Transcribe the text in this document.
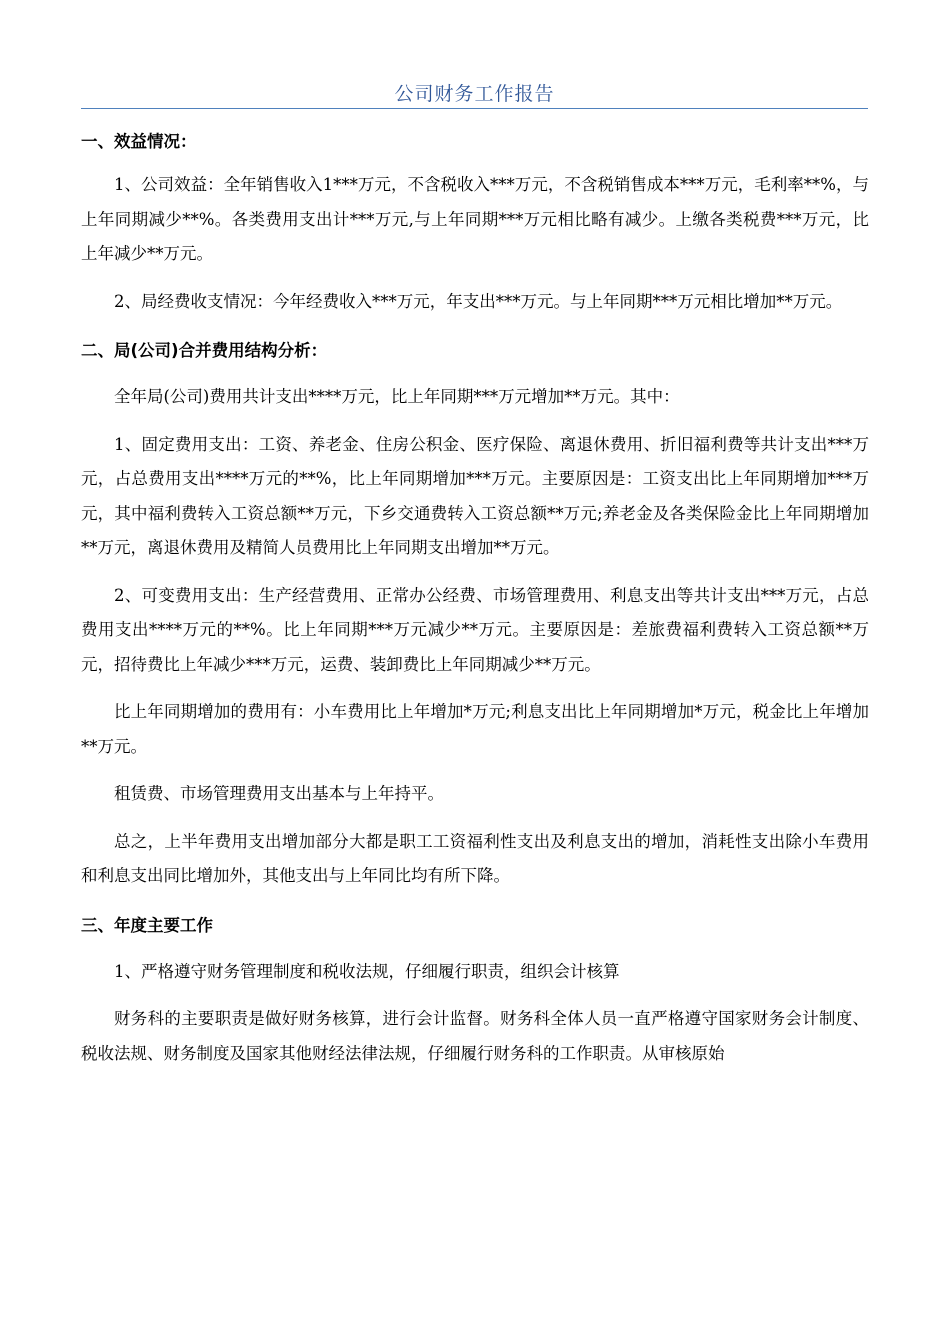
公司财务工作报告
一、效益情况：

1、公司效益：全年销售收入1***万元，不含税收入***万元，不含税销售成本***万元，毛利率**%，与上年同期减少**%。各类费用支出计***万元,与上年同期***万元相比略有减少。上缴各类税费***万元，比上年减少**万元。

2、局经费收支情况：今年经费收入***万元，年支出***万元。与上年同期***万元相比增加**万元。

二、局(公司)合并费用结构分析：

全年局(公司)费用共计支出****万元，比上年同期***万元增加**万元。其中：

1、固定费用支出：工资、养老金、住房公积金、医疗保险、离退休费用、折旧福利费等共计支出***万元，占总费用支出****万元的**%，比上年同期增加***万元。主要原因是：工资支出比上年同期增加***万元，其中福利费转入工资总额**万元，下乡交通费转入工资总额**万元;养老金及各类保险金比上年同期增加**万元，离退休费用及精简人员费用比上年同期支出增加**万元。

2、可变费用支出：生产经营费用、正常办公经费、市场管理费用、利息支出等共计支出***万元，占总费用支出****万元的**%。比上年同期***万元减少**万元。主要原因是：差旅费福利费转入工资总额**万元，招待费比上年减少***万元，运费、装卸费比上年同期减少**万元。

比上年同期增加的费用有：小车费用比上年增加*万元;利息支出比上年同期增加*万元，税金比上年增加**万元。

租赁费、市场管理费用支出基本与上年持平。

总之，上半年费用支出增加部分大都是职工工资福利性支出及利息支出的增加，消耗性支出除小车费用和利息支出同比增加外，其他支出与上年同比均有所下降。

三、年度主要工作

1、严格遵守财务管理制度和税收法规，仔细履行职责，组织会计核算

财务科的主要职责是做好财务核算，进行会计监督。财务科全体人员一直严格遵守国家财务会计制度、税收法规、财务制度及国家其他财经法律法规，仔细履行财务科的工作职责。从审核原始
